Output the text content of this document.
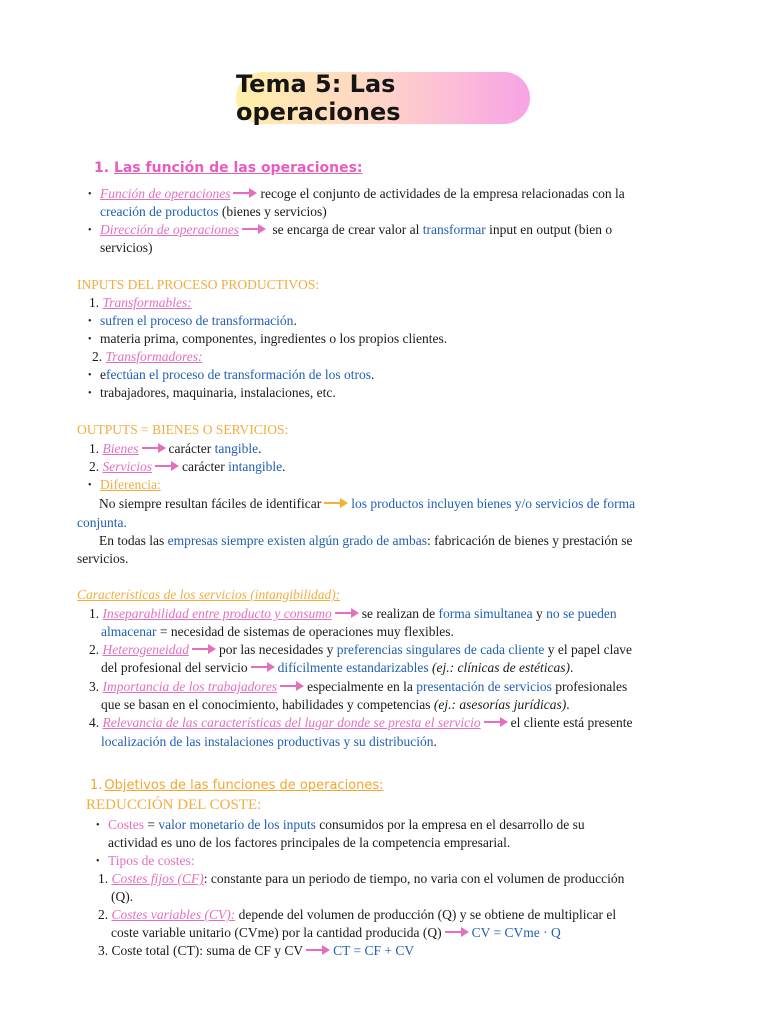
Tema 5: Las operaciones
1. Las función de las operaciones:
• Función de operaciones recoge el conjunto de actividades de la empresa relacionadas con la
creación de productos (bienes y servicios)
• Dirección de operaciones se encarga de crear valor al transformar input en output (bien o
servicios)
INPUTS DEL PROCESO PRODUCTIVOS:
1. Transformables:
• sufren el proceso de transformación.
• materia prima, componentes, ingredientes o los propios clientes.
2. Transformadores:
• efectúan el proceso de transformación de los otros.
• trabajadores, maquinaria, instalaciones, etc.
OUTPUTS = BIENES O SERVICIOS:
1. Bienes carácter tangible.
2. Servicios carácter intangible.
• Diferencia:
No siempre resultan fáciles de identificar los productos incluyen bienes y/o servicios de forma
conjunta.
En todas las empresas siempre existen algún grado de ambas: fabricación de bienes y prestación se
servicios.
Características de los servicios (intangibilidad):
1. Inseparabilidad entre producto y consumo se realizan de forma simultanea y no se pueden
almacenar = necesidad de sistemas de operaciones muy flexibles.
2. Heterogeneidad por las necesidades y preferencias singulares de cada cliente y el papel clave
del profesional del servicio difícilmente estandarizables (ej.: clínicas de estéticas).
3. Importancia de los trabajadores especialmente en la presentación de servicios profesionales
que se basan en el conocimiento, habilidades y competencias (ej.: asesorías jurídicas).
4. Relevancia de las características del lugar donde se presta el servicio el cliente está presente
localización de las instalaciones productivas y su distribución.
1. Objetivos de las funciones de operaciones:
REDUCCIÓN DEL COSTE:
• Costes = valor monetario de los inputs consumidos por la empresa en el desarrollo de su
actividad es uno de los factores principales de la competencia empresarial.
• Tipos de costes:
1. Costes fijos (CF): constante para un periodo de tiempo, no varia con el volumen de producción
(Q).
2. Costes variables (CV): depende del volumen de producción (Q) y se obtiene de multiplicar el
coste variable unitario (CVme) por la cantidad producida (Q) CV = CVme · Q
3. Coste total (CT): suma de CF y CV CT = CF + CV
